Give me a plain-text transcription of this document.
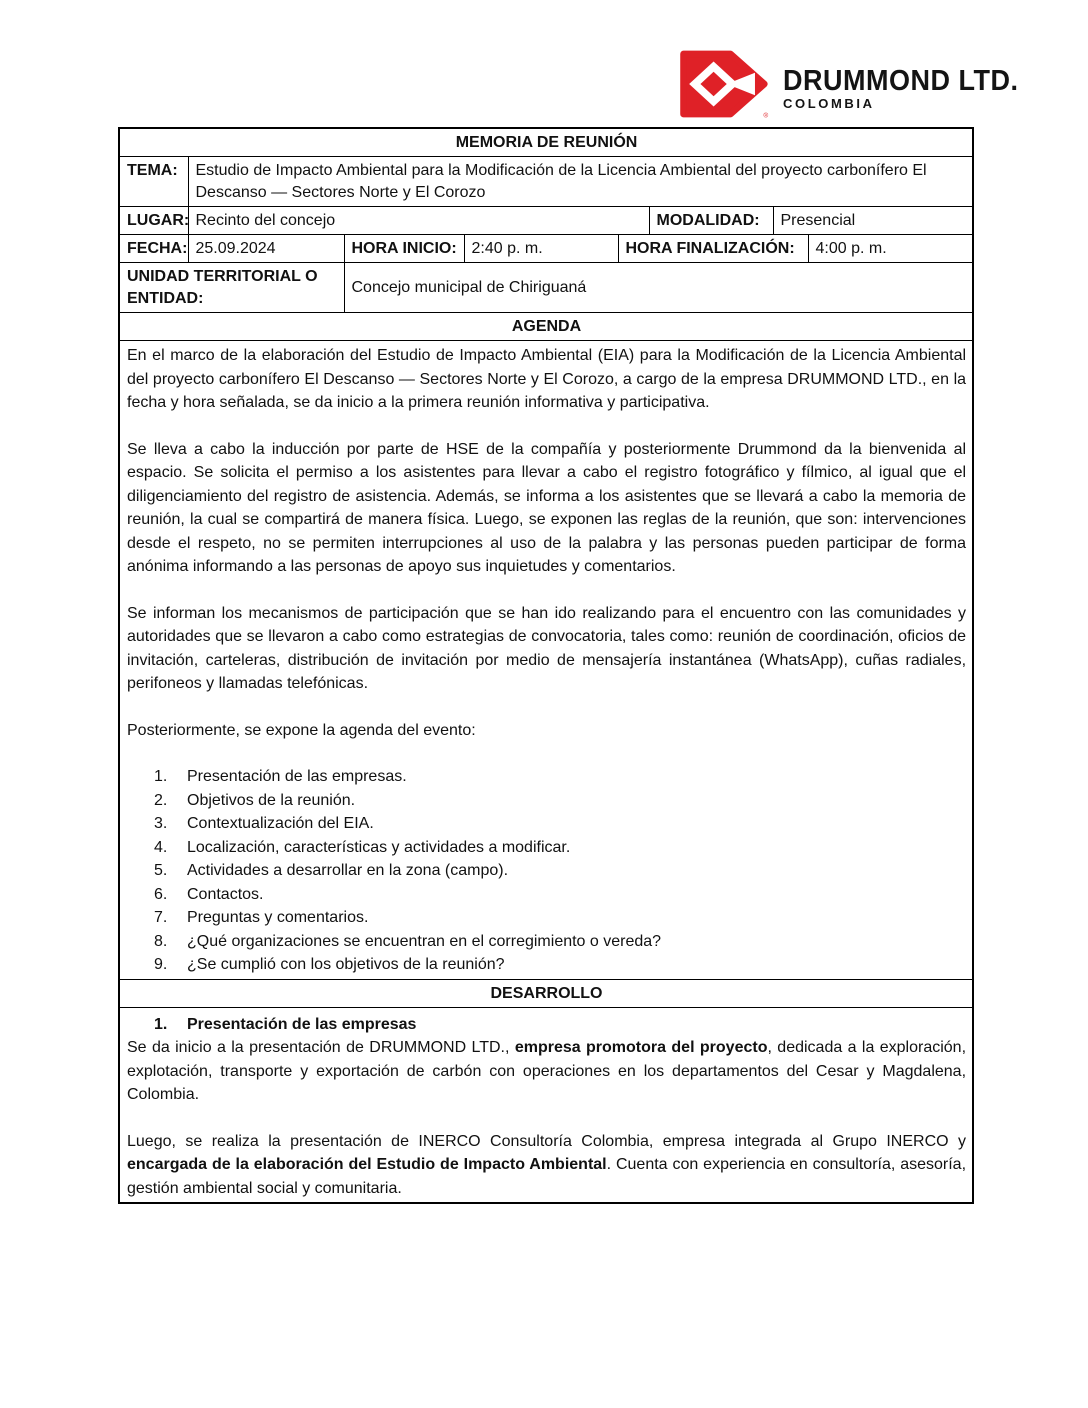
®
DRUMMOND LTD.
COLOMBIA
MEMORIA DE REUNIÓN							
TEMA:	Estudio de Impacto Ambiental para la Modificación de la Licencia Ambiental del proyecto carbonífero El Descanso — Sectores Norte y El Corozo						
LUGAR:	Recinto del concejo				MODALIDAD:	Presencial	
FECHA:	25.09.2024	HORA INICIO:	2:40 p. m.	HORA FINALIZACIÓN:			4:00 p. m.
UNIDAD TERRITORIAL O ENTIDAD:		Concejo municipal de Chiriguaná					
AGENDA							

En el marco de la elaboración del Estudio de Impacto Ambiental (EIA) para la Modificación de la Licencia Ambiental del proyecto carbonífero El Descanso — Sectores Norte y El Corozo, a cargo de la empresa DRUMMOND LTD., en la fecha y hora señalada, se da inicio a la primera reunión informativa y participativa.

Se lleva a cabo la inducción por parte de HSE de la compañía y posteriormente Drummond da la bienvenida al espacio. Se solicita el permiso a los asistentes para llevar a cabo el registro fotográfico y fílmico, al igual que el diligenciamiento del registro de asistencia. Además, se informa a los asistentes que se llevará a cabo la memoria de reunión, la cual se compartirá de manera física. Luego, se exponen las reglas de la reunión, que son: intervenciones desde el respeto, no se permiten interrupciones al uso de la palabra y las personas pueden participar de forma anónima informando a las personas de apoyo sus inquietudes y comentarios.

Se informan los mecanismos de participación que se han ido realizando para el encuentro con las comunidades y autoridades que se llevaron a cabo como estrategias de convocatoria, tales como: reunión de coordinación, oficios de invitación, carteleras, distribución de invitación por medio de mensajería instantánea (WhatsApp), cuñas radiales, perifoneos y llamadas telefónicas.

Posteriormente, se expone la agenda del evento:

1.	Presentación de las empresas.
2.	Objetivos de la reunión.
3.	Contextualización del EIA.
4.	Localización, características y actividades a modificar.
5.	Actividades a desarrollar en la zona (campo).
6.	Contactos.
7.	Preguntas y comentarios.
8.	¿Qué organizaciones se encuentran en el corregimiento o vereda?
9.	¿Se cumplió con los objetivos de la reunión?

DESARROLLO							

1. Presentación de las empresas

Se da inicio a la presentación de DRUMMOND LTD., empresa promotora del proyecto, dedicada a la exploración, explotación, transporte y exportación de carbón con operaciones en los departamentos del Cesar y Magdalena, Colombia.

Luego, se realiza la presentación de INERCO Consultoría Colombia, empresa integrada al Grupo INERCO y encargada de la elaboración del Estudio de Impacto Ambiental. Cuenta con experiencia en consultoría, asesoría, gestión ambiental social y comunitaria.							
